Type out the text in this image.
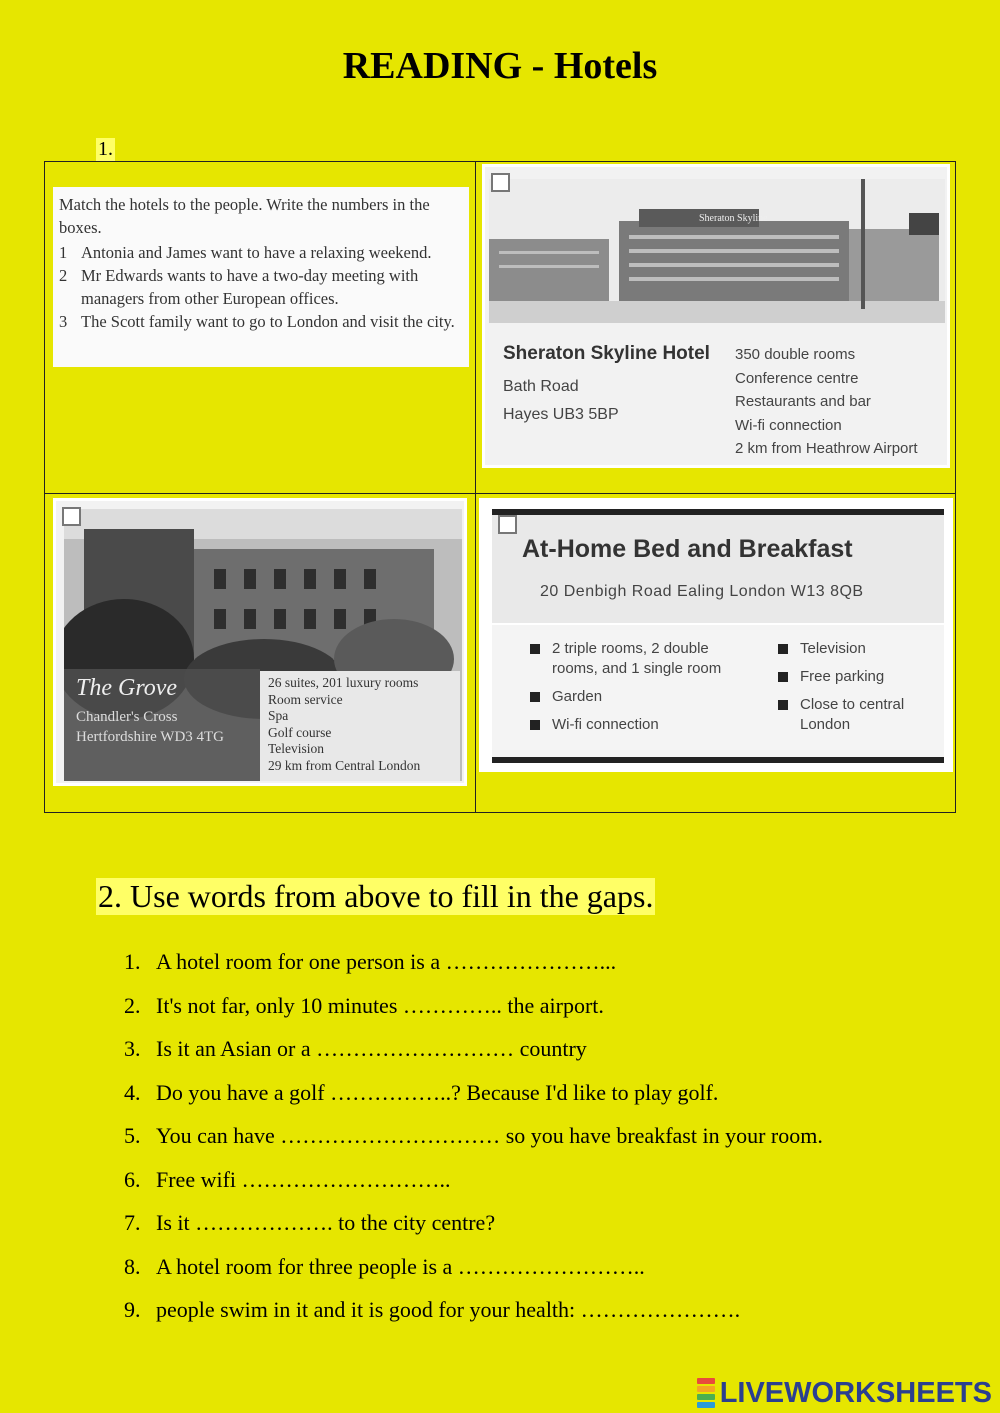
READING - Hotels
1.

Match the hotels to the people. Write the numbers in the boxes.

1 Antonia and James want to have a relaxing weekend.
2 Mr Edwards wants to have a two-day meeting with managers from other European offices.
3 The Scott family want to go to London and visit the city.
Sheraton Skyline
Sheraton Skyline Hotel
Bath Road
Hayes UB3 5BP
350 double rooms
Conference centre
Restaurants and bar
Wi-fi connection
2 km from Heathrow Airport
The Grove
Chandler's Cross
Hertfordshire WD3 4TG
26 suites, 201 luxury rooms
Room service
Spa
Golf course
Television
29 km from Central London
At-Home Bed and Breakfast
20 Denbigh Road Ealing London W13 8QB
2 triple rooms, 2 double rooms, and 1 single room
Garden
Wi-fi connection
Television
Free parking
Close to central London
2. Use words from above to fill in the gaps.
1. A hotel room for one person is a …………………...
2. It's not far, only 10 minutes ………….. the airport.
3. Is it an Asian or a ……………………… country
4. Do you have a golf ……………..? Because I'd like to play golf.
5. You can have ………………………… so you have breakfast in your room.
6. Free wifi ………………………..
7. Is it ………………. to the city centre?
8. A hotel room for three people is a ……………………..
9. people swim in it and it is good for your health: ………………….
LIVEWORKSHEETS
